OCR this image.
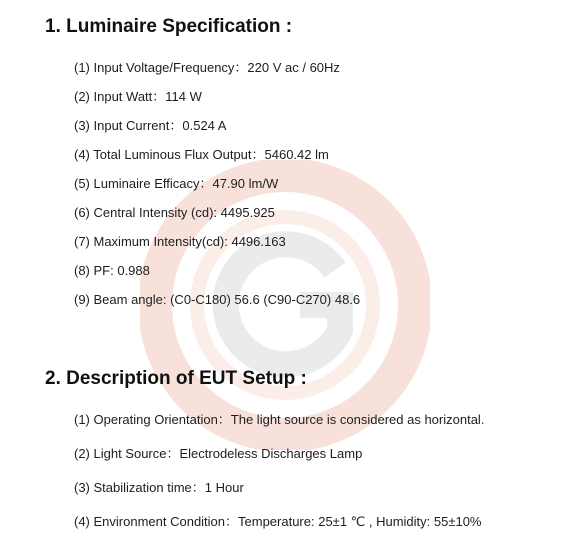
1. Luminaire Specification :
(1) Input Voltage/Frequency：220 V ac / 60Hz
(2) Input Watt：114 W
(3) Input Current：0.524 A
(4) Total Luminous Flux Output：5460.42 lm
(5) Luminaire Efficacy：47.90 lm/W
(6) Central Intensity (cd): 4495.925
(7) Maximum Intensity(cd): 4496.163
(8) PF: 0.988
(9) Beam angle: (C0-C180) 56.6 (C90-C270) 48.6
2. Description of EUT Setup :
(1) Operating Orientation：The light source is considered as horizontal.
(2) Light Source：Electrodeless Discharges Lamp
(3) Stabilization time：1 Hour
(4) Environment Condition：Temperature: 25±1 ℃ , Humidity: 55±10%
